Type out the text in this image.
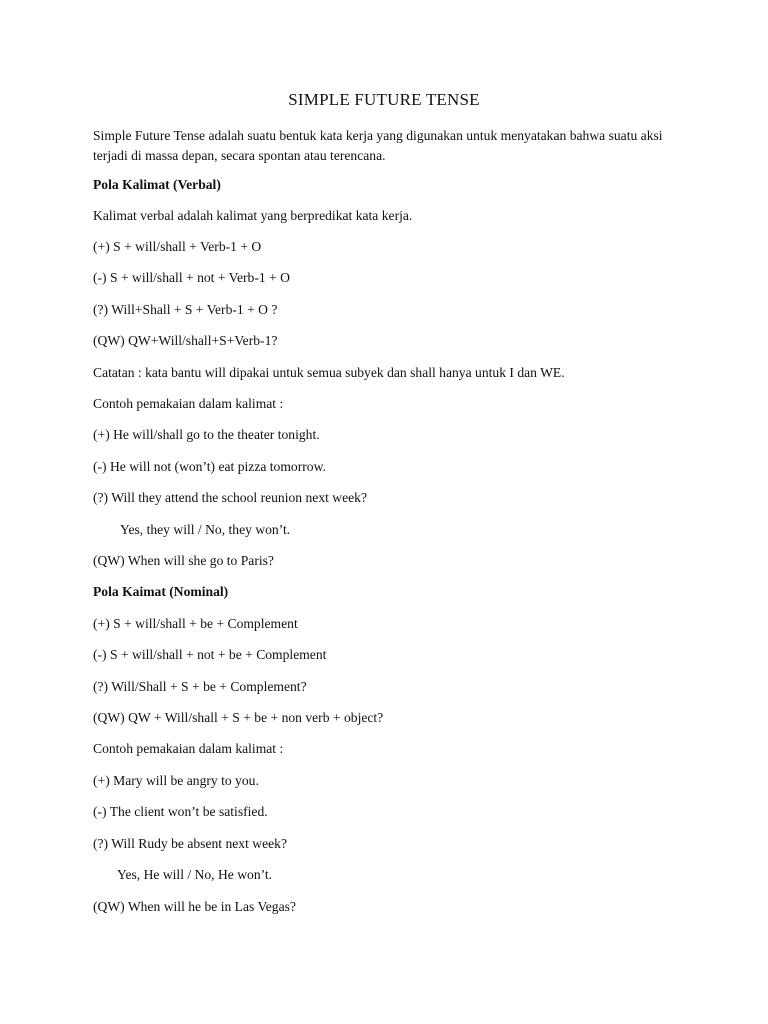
SIMPLE FUTURE TENSE
Simple Future Tense adalah suatu bentuk kata kerja yang digunakan untuk menyatakan bahwa suatu aksi terjadi di massa depan, secara spontan atau terencana.
Pola Kalimat (Verbal)
Kalimat verbal adalah kalimat yang berpredikat kata kerja.
(+) S + will/shall + Verb-1 + O
(-) S + will/shall + not + Verb-1 + O
(?) Will+Shall + S + Verb-1 + O ?
(QW) QW+Will/shall+S+Verb-1?
Catatan : kata bantu will dipakai untuk semua subyek dan shall hanya untuk I dan WE.
Contoh pemakaian dalam kalimat :
(+) He will/shall go to the theater tonight.
(-) He will not (won’t) eat pizza tomorrow.
(?) Will they attend the school reunion next week?
Yes, they will / No, they won’t.
(QW) When will she go to Paris?
Pola Kaimat (Nominal)
(+) S + will/shall + be + Complement
(-) S + will/shall + not + be + Complement
(?) Will/Shall + S + be + Complement?
(QW) QW + Will/shall + S + be + non verb + object?
Contoh pemakaian dalam kalimat :
(+) Mary will be angry to you.
(-) The client won’t be satisfied.
(?) Will Rudy be absent next week?
Yes, He will / No, He won’t.
(QW) When will he be in Las Vegas?
